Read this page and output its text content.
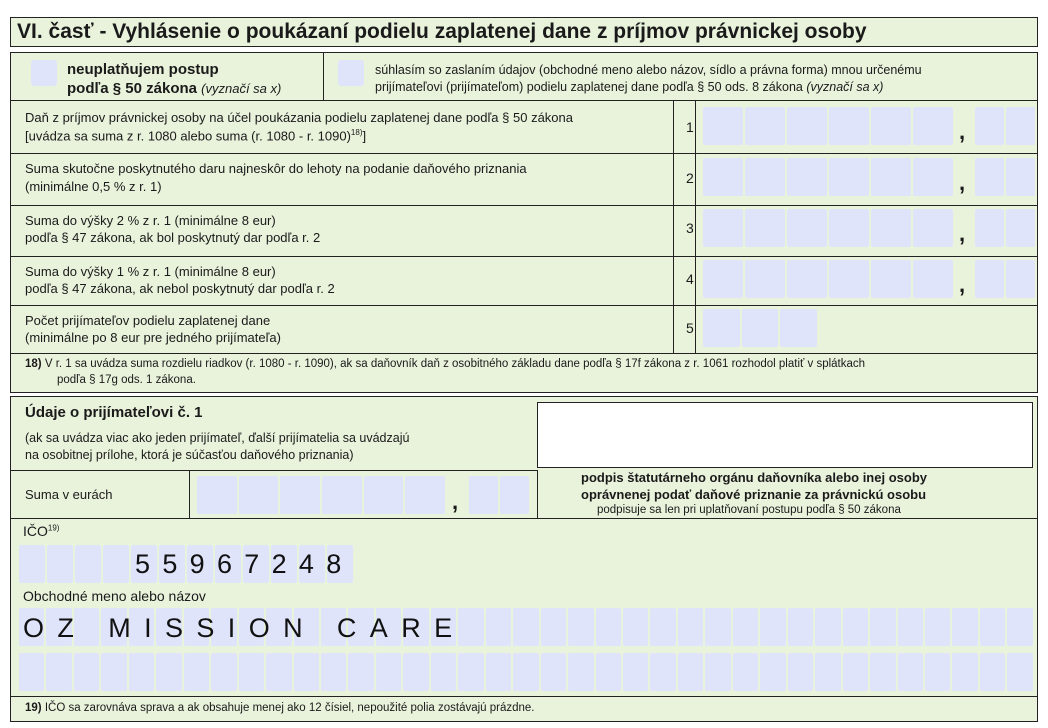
VI. časť - Vyhlásenie o poukázaní podielu zaplatenej dane z príjmov právnickej osoby
neuplatňujem postup
podľa § 50 zákona (vyznačí sa x)
súhlasím so zaslaním údajov (obchodné meno alebo názov, sídlo a právna forma) mnou určenému
prijímateľovi (prijímateľom) podielu zaplatenej dane podľa § 50 ods. 8 zákona (vyznačí sa x)
Daň z príjmov právnickej osoby na účel poukázania podielu zaplatenej dane podľa § 50 zákona
[uvádza sa suma z r. 1080 alebo suma (r. 1080 - r. 1090)$^{18)}$]
Suma skutočne poskytnutého daru najneskôr do lehoty na podanie daňového priznania
(minimálne 0,5 % z r. 1)
Suma do výšky 2 % z r. 1 (minimálne 8 eur)
podľa § 47 zákona, ak bol poskytnutý dar podľa r. 2
Suma do výšky 1 % z r. 1 (minimálne 8 eur)
podľa § 47 zákona, ak nebol poskytnutý dar podľa r. 2
Počet prijímateľov podielu zaplatenej dane
(minimálne po 8 eur pre jedného prijímateľa)
1
2
3
4
5
,
,
,
,
18) V r. 1 sa uvádza suma rozdielu riadkov (r. 1080 - r. 1090), ak sa daňovník daň z osobitného základu dane podľa § 17f zákona z r. 1061 rozhodol platiť v splátkach
podľa § 17g ods. 1 zákona.
Údaje o prijímateľovi č. 1
(ak sa uvádza viac ako jeden prijímateľ, ďalší prijímatelia sa uvádzajú
na osobitnej prílohe, ktorá je súčasťou daňového priznania)
podpis štatutárneho orgánu daňovníka alebo inej osoby
oprávnenej podať daňové priznanie za právnickú osobu
podpisuje sa len pri uplatňovaní postupu podľa § 50 zákona
Suma v eurách	,
IČO$^{19)}$
55967248
Obchodné meno alebo názov
OZ MISSION CARE
19) IČO sa zarovnáva sprava a ak obsahuje menej ako 12 čísiel, nepoužité polia zostávajú prázdne.
